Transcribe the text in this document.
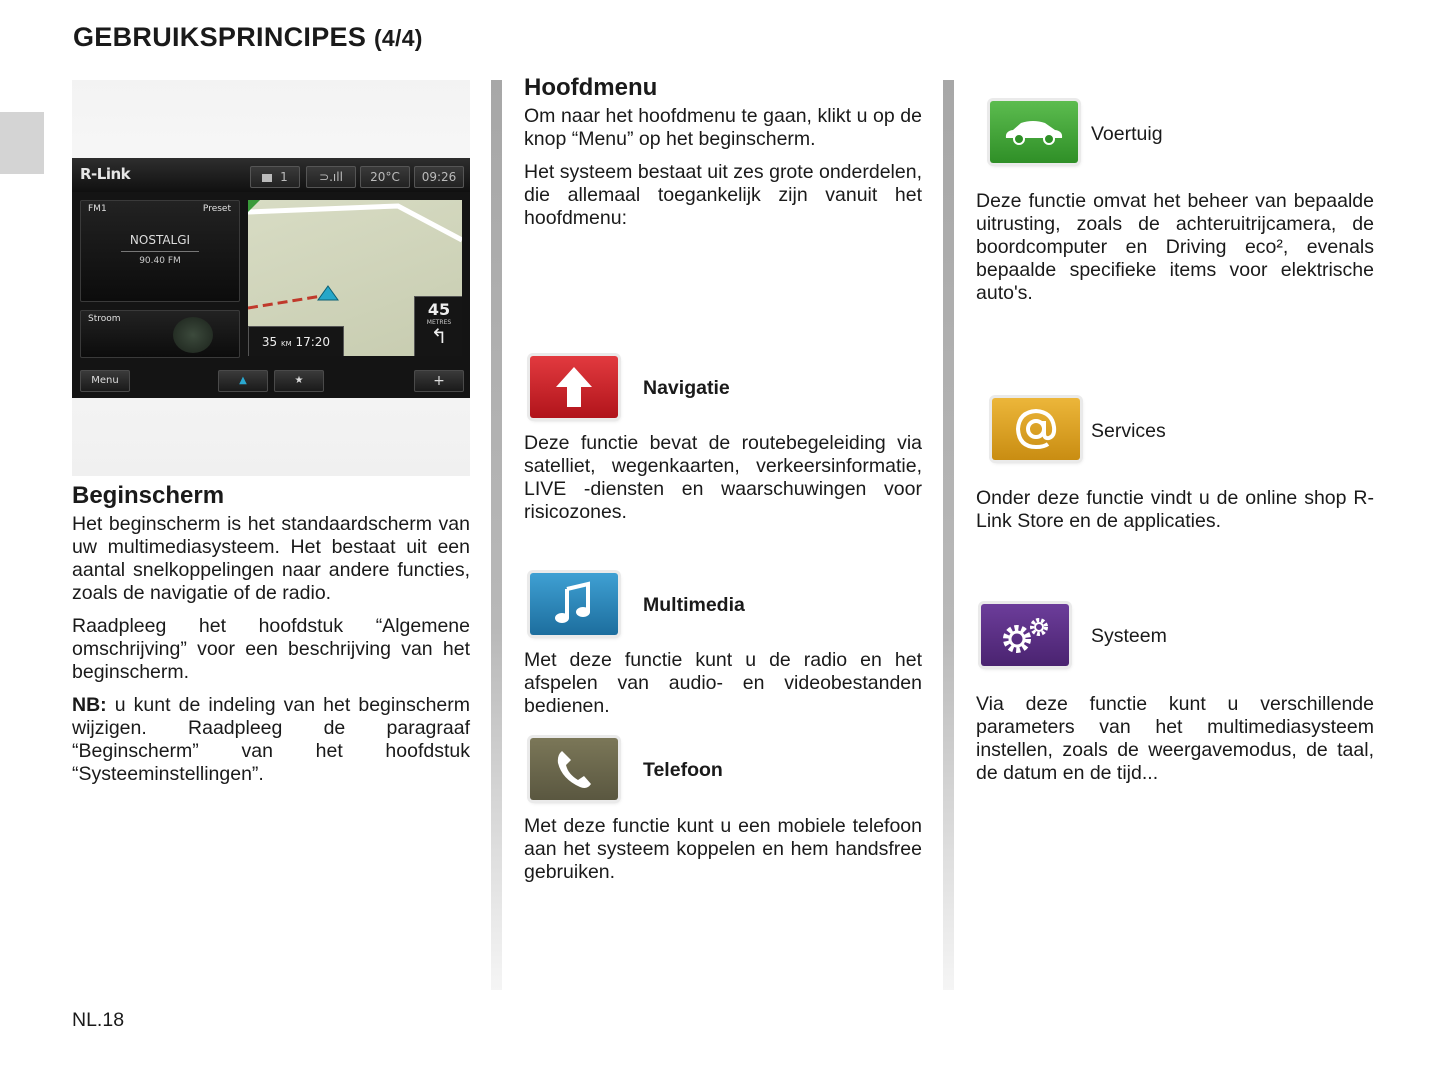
GEBRUIKSPRINCIPES (4/4)
R-Link	1	⊃.ıll	20°C	09:26
FM1	Preset
NOSTALGI
90.40 FM
Stroom
35 KM 17:20
45
METRES
↰
Menu	▲	★	+
Beginscherm

Het beginscherm is het standaardscherm van uw multimediasysteem. Het bestaat uit een aantal snelkoppelingen naar andere functies, zoals de navigatie of de radio.

Raadpleeg het hoofdstuk “Algemene omschrijving” voor een beschrijving van het beginscherm.

NB: u kunt de indeling van het beginscherm wijzigen. Raadpleeg de paragraaf “Beginscherm” van het hoofdstuk “Systeeminstellingen”.

Hoofdmenu

Om naar het hoofdmenu te gaan, klikt u op de knop “Menu” op het beginscherm.

Het systeem bestaat uit zes grote onderdelen, die allemaal toegankelijk zijn vanuit het hoofdmenu:

Navigatie

Deze functie bevat de routebegeleiding via satelliet, wegenkaarten, verkeersinformatie, LIVE -diensten en waarschuwingen voor risicozones.

Multimedia

Met deze functie kunt u de radio en het afspelen van audio- en videobestanden bedienen.

Telefoon

Met deze functie kunt u een mobiele telefoon aan het systeem koppelen en hem handsfree gebruiken.

Voertuig

Deze functie omvat het beheer van bepaalde uitrusting, zoals de achteruitrijcamera, de boordcomputer en Driving eco², evenals bepaalde specifieke items voor elektrische auto's.

Services

Onder deze functie vindt u de online shop R-Link Store en de applicaties.

Systeem

Via deze functie kunt u verschillende parameters van het multimediasysteem instellen, zoals de weergavemodus, de taal, de datum en de tijd...

NL.18
